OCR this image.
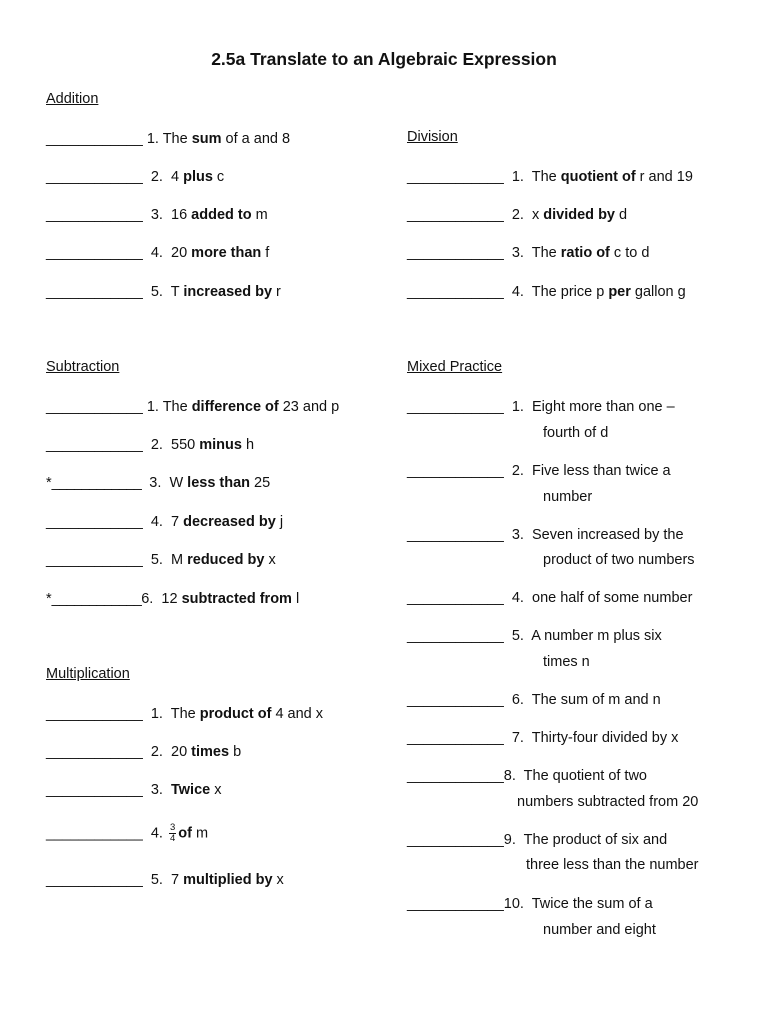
2.5a Translate to an Algebraic Expression
Addition
____________ 1. The sum of a and 8
____________ 2. 4 plus c
____________ 3. 16 added to m
____________ 4. 20 more than f
____________ 5. T increased by r
Division
____________ 1. The quotient of r and 19
____________ 2. x divided by d
____________ 3. The ratio of c to d
____________ 4. The price p per gallon g
Subtraction
____________ 1. The difference of 23 and p
____________ 2. 550 minus h
*____________ 3. W less than 25
____________ 4. 7 decreased by j
____________ 5. M reduced by x
*____________6. 12 subtracted from l
Mixed Practice
____________ 1. Eight more than one –
fourth of d
____________ 2. Five less than twice a
number
____________ 3. Seven increased by the
product of two numbers
____________ 4. one half of some number
____________ 5. A number m plus six
times n
____________ 6. The sum of m and n
____________ 7. Thirty-four divided by x
____________8. The quotient of two
numbers subtracted from 20
____________9. The product of six and
three less than the number
____________10. Twice the sum of a
number and eight
Multiplication
____________ 1. The product of 4 and x
____________ 2. 20 times b
____________ 3. Twice x
____________ 4. $\frac{3}{4}$ of m
____________ 5. 7 multiplied by x
